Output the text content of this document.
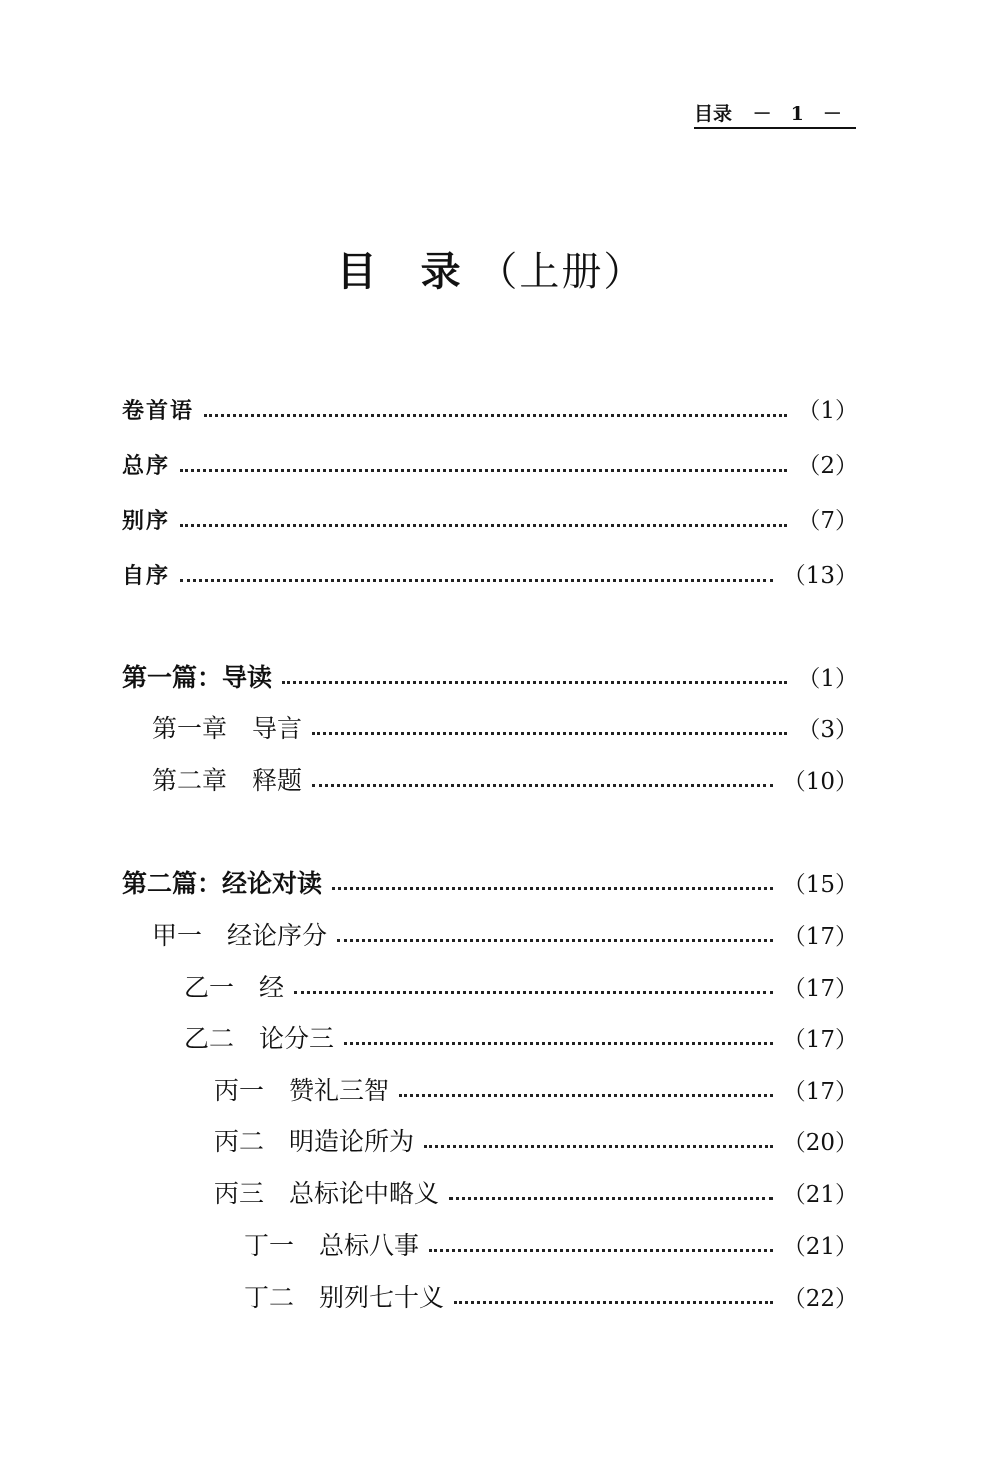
目录 －　1　－
目　录 （上册）
卷首语	（1）
总序	（2）
别序	（7）
自序	（13）
第一篇：导读	（1）
第一章　导言	（3）
第二章　释题	（10）
第二篇：经论对读	（15）
甲一　经论序分	（17）
乙一　经	（17）
乙二　论分三	（17）
丙一　赞礼三智	（17）
丙二　明造论所为	（20）
丙三　总标论中略义	（21）
丁一　总标八事	（21）
丁二　别列七十义	（22）
